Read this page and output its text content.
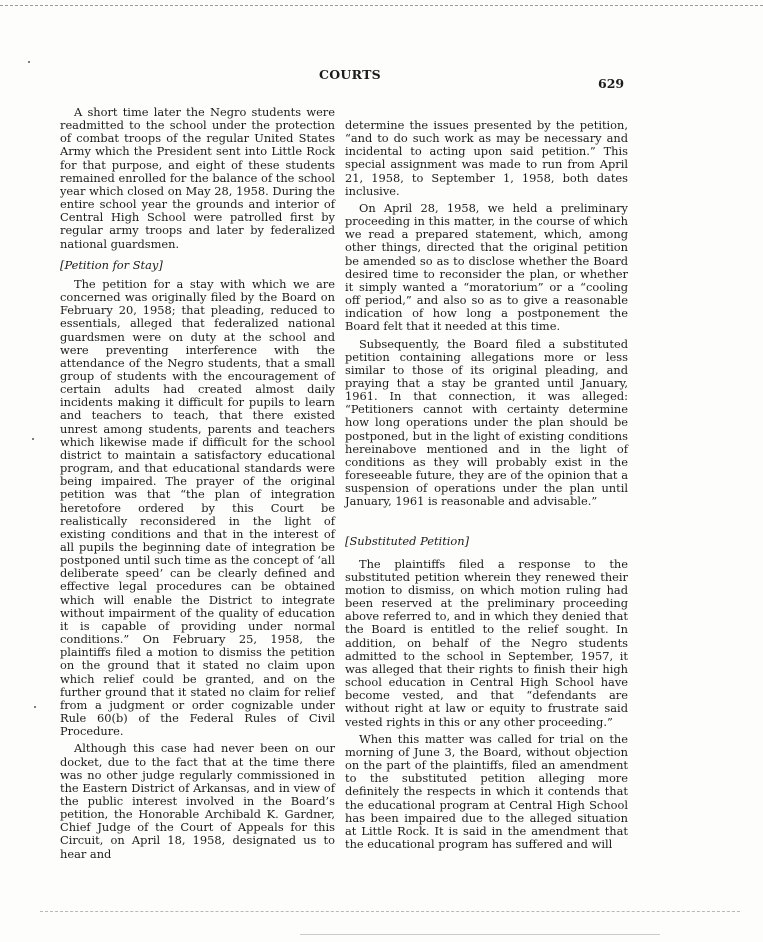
COURTS
629

A short time later the Negro students were readmitted to the school under the protection of combat troops of the regular United States Army which the President sent into Little Rock for that purpose, and eight of these students remained enrolled for the balance of the school year which closed on May 28, 1958. During the entire school year the grounds and interior of Central High School were patrolled first by regular army troops and later by federalized national guardsmen.

[Petition for Stay]

The petition for a stay with which we are concerned was originally filed by the Board on February 20, 1958; that pleading, reduced to essentials, alleged that federalized national guardsmen were on duty at the school and were preventing interference with the attendance of the Negro students, that a small group of students with the encouragement of certain adults had created almost daily incidents making it difficult for pupils to learn and teachers to teach, that there existed unrest among students, parents and teachers which likewise made if difficult for the school district to maintain a satisfactory educational program, and that educational standards were being impaired. The prayer of the original petition was that “the plan of integration heretofore ordered by this Court be realistically reconsidered in the light of existing conditions and that in the interest of all pupils the beginning date of integration be postponed until such time as the concept of ‘all deliberate speed’ can be clearly defined and effective legal procedures can be obtained which will enable the District to integrate without impairment of the quality of education it is capable of providing under normal conditions.” On February 25, 1958, the plaintiffs filed a motion to dismiss the petition on the ground that it stated no claim upon which relief could be granted, and on the further ground that it stated no claim for relief from a judgment or order cognizable under Rule 60(b) of the Federal Rules of Civil Procedure.

Although this case had never been on our docket, due to the fact that at the time there was no other judge regularly commissioned in the Eastern District of Arkansas, and in view of the public interest involved in the Board’s petition, the Honorable Archibald K. Gardner, Chief Judge of the Court of Appeals for this Circuit, on April 18, 1958, designated us to hear and

determine the issues presented by the petition, “and to do such work as may be necessary and incidental to acting upon said petition.” This special assignment was made to run from April 21, 1958, to September 1, 1958, both dates inclusive.

On April 28, 1958, we held a preliminary proceeding in this matter, in the course of which we read a prepared statement, which, among other things, directed that the original petition be amended so as to disclose whether the Board desired time to reconsider the plan, or whether it simply wanted a “moratorium” or a “cooling off period,” and also so as to give a reasonable indication of how long a postponement the Board felt that it needed at this time.

Subsequently, the Board filed a substituted petition containing allegations more or less similar to those of its original pleading, and praying that a stay be granted until January, 1961. In that connection, it was alleged: “Petitioners cannot with certainty determine how long operations under the plan should be postponed, but in the light of existing conditions hereinabove mentioned and in the light of conditions as they will probably exist in the foreseeable future, they are of the opinion that a suspension of operations under the plan until January, 1961 is reasonable and advisable.”

[Substituted Petition]

The plaintiffs filed a response to the substituted petition wherein they renewed their motion to dismiss, on which motion ruling had been reserved at the preliminary proceeding above referred to, and in which they denied that the Board is entitled to the relief sought. In addition, on behalf of the Negro students admitted to the school in September, 1957, it was alleged that their rights to finish their high school education in Central High School have become vested, and that “defendants are without right at law or equity to frustrate said vested rights in this or any other proceeding.”

When this matter was called for trial on the morning of June 3, the Board, without objection on the part of the plaintiffs, filed an amendment to the substituted petition alleging more definitely the respects in which it contends that the educational program at Central High School has been impaired due to the alleged situation at Little Rock. It is said in the amendment that the educational program has suffered and will
